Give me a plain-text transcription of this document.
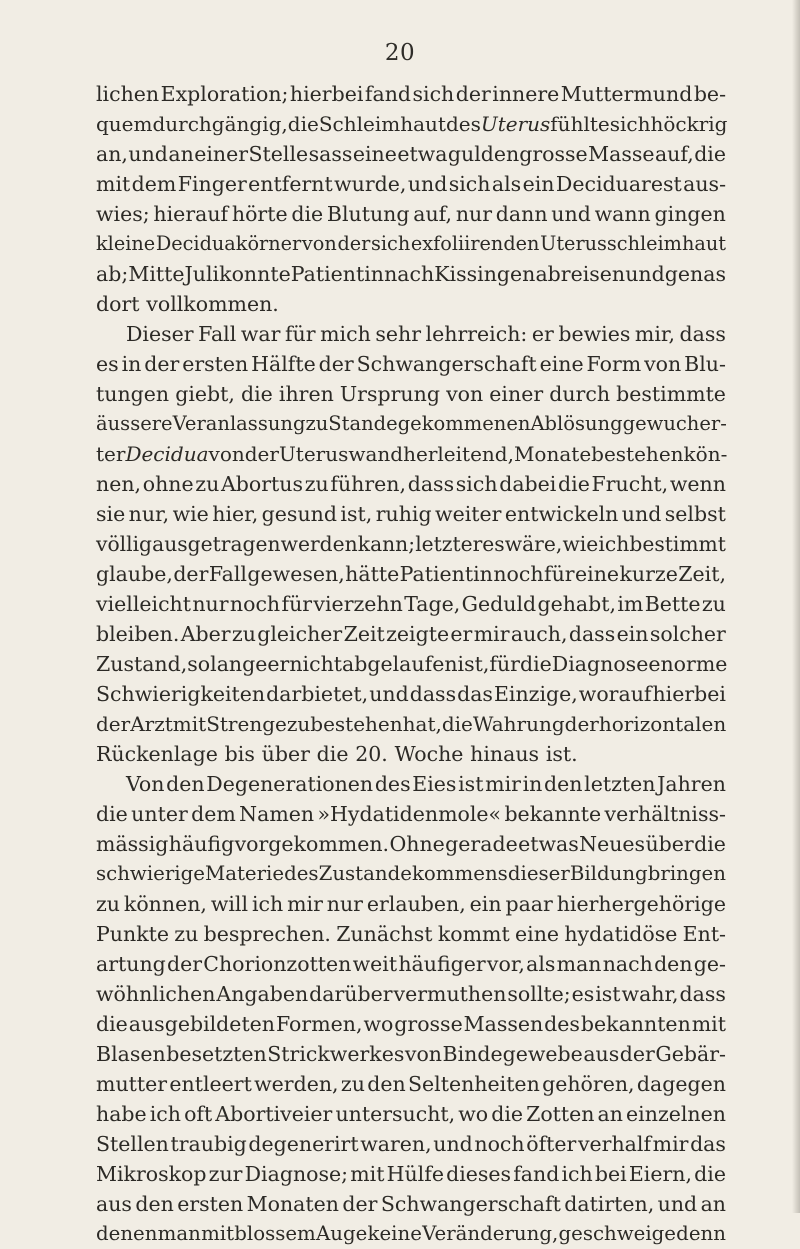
20
lichen Exploration; hierbei fand sich der innere Muttermund be-
quem durchgängig, die Schleimhaut des Uterus fühlte sich höckrig
an, und an einer Stelle sass eine etwa guldengrosse Masse auf, die
mit dem Finger entfernt wurde, und sich als ein Deciduarest aus-
wies; hierauf hörte die Blutung auf, nur dann und wann gingen
kleine Deciduakörner von der sich exfoliirenden Uterusschleimhaut
ab; Mitte Juli konnte Patientin nach Kissingen abreisen und genas
dort vollkommen.
Dieser Fall war für mich sehr lehrreich: er bewies mir, dass
es in der ersten Hälfte der Schwangerschaft eine Form von Blu-
tungen giebt, die ihren Ursprung von einer durch bestimmte
äussere Veranlassung zu Stande gekommenen Ablösung gewucher-
ter Decidua von der Uteruswand herleitend, Monate bestehen kön-
nen, ohne zu Abortus zu führen, dass sich dabei die Frucht, wenn
sie nur, wie hier, gesund ist, ruhig weiter entwickeln und selbst
völlig ausgetragen werden kann; letzteres wäre, wie ich bestimmt
glaube, der Fall gewesen, hätte Patientin noch für eine kurze Zeit,
vielleicht nur noch für vierzehn Tage, Geduld gehabt, im Bette zu
bleiben. Aber zu gleicher Zeit zeigte er mir auch, dass ein solcher
Zustand, so lange er nicht abgelaufen ist, für die Diagnose enorme
Schwierigkeiten darbietet, und dass das Einzige, worauf hierbei
der Arzt mit Strenge zu bestehen hat, die Wahrung der horizontalen
Rückenlage bis über die 20. Woche hinaus ist.
Von den Degenerationen des Eies ist mir in den letzten Jahren
die unter dem Namen »Hydatidenmole« bekannte verhältniss-
mässig häufig vorgekommen. Ohne gerade etwas Neues über die
schwierige Materie des Zustandekommens dieser Bildung bringen
zu können, will ich mir nur erlauben, ein paar hierhergehörige
Punkte zu besprechen. Zunächst kommt eine hydatidöse Ent-
artung der Chorionzotten weit häufiger vor, als man nach den ge-
wöhnlichen Angaben darüber vermuthen sollte; es ist wahr, dass
die ausgebildeten Formen, wo grosse Massen des bekannten mit
Blasen besetzten Strickwerkes von Bindegewebe aus der Gebär-
mutter entleert werden, zu den Seltenheiten gehören, dagegen
habe ich oft Abortiveier untersucht, wo die Zotten an einzelnen
Stellen traubig degenerirt waren, und noch öfter verhalf mir das
Mikroskop zur Diagnose; mit Hülfe dieses fand ich bei Eiern, die
aus den ersten Monaten der Schwangerschaft datirten, und an
denen man mit blossem Auge keine Veränderung, geschweige denn
